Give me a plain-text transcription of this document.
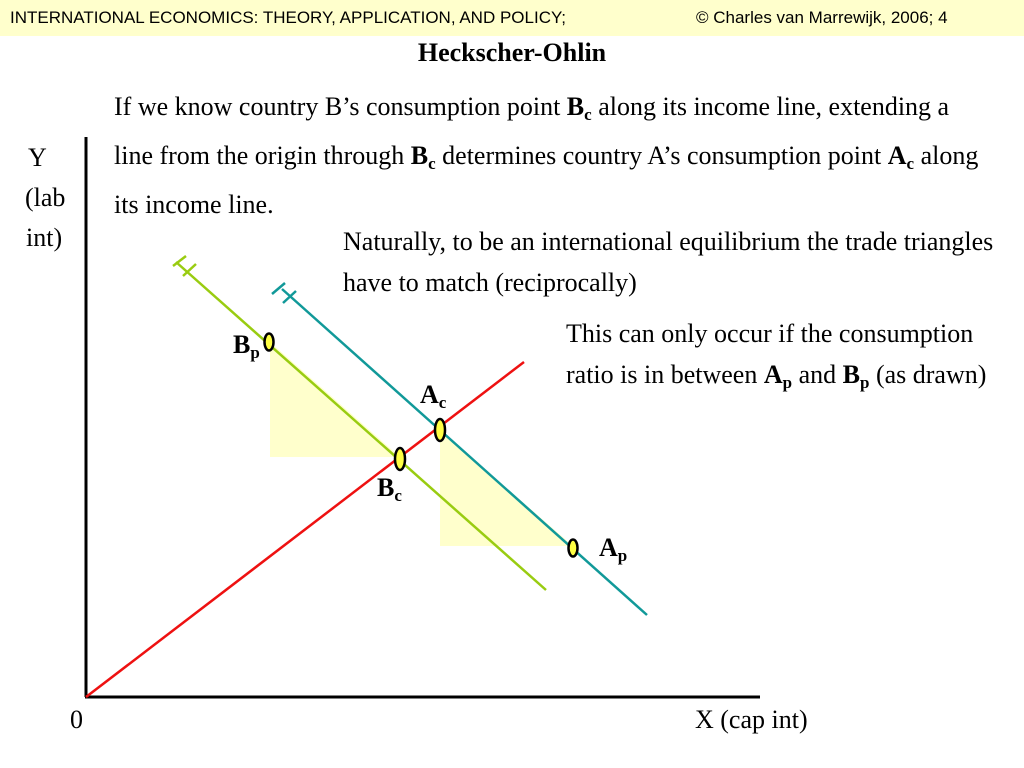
INTERNATIONAL ECONOMICS: THEORY, APPLICATION, AND POLICY;	© Charles van Marrewijk, 2006; 4
Heckscher-Ohlin

If we know country B’s consumption point $B_c$ along its income line, extending a line from the origin through $B_c$ determines country A’s consumption point $A_c$ along its income line.

Naturally, to be an international equilibrium the trade triangles have to match (reciprocally)

This can only occur if the consumption ratio is in between $A_p$ and $B_p$ (as drawn)

Y
(lab
int)
0	X (cap int)
$B_p$
$A_c$
$B_c$
$A_p$
